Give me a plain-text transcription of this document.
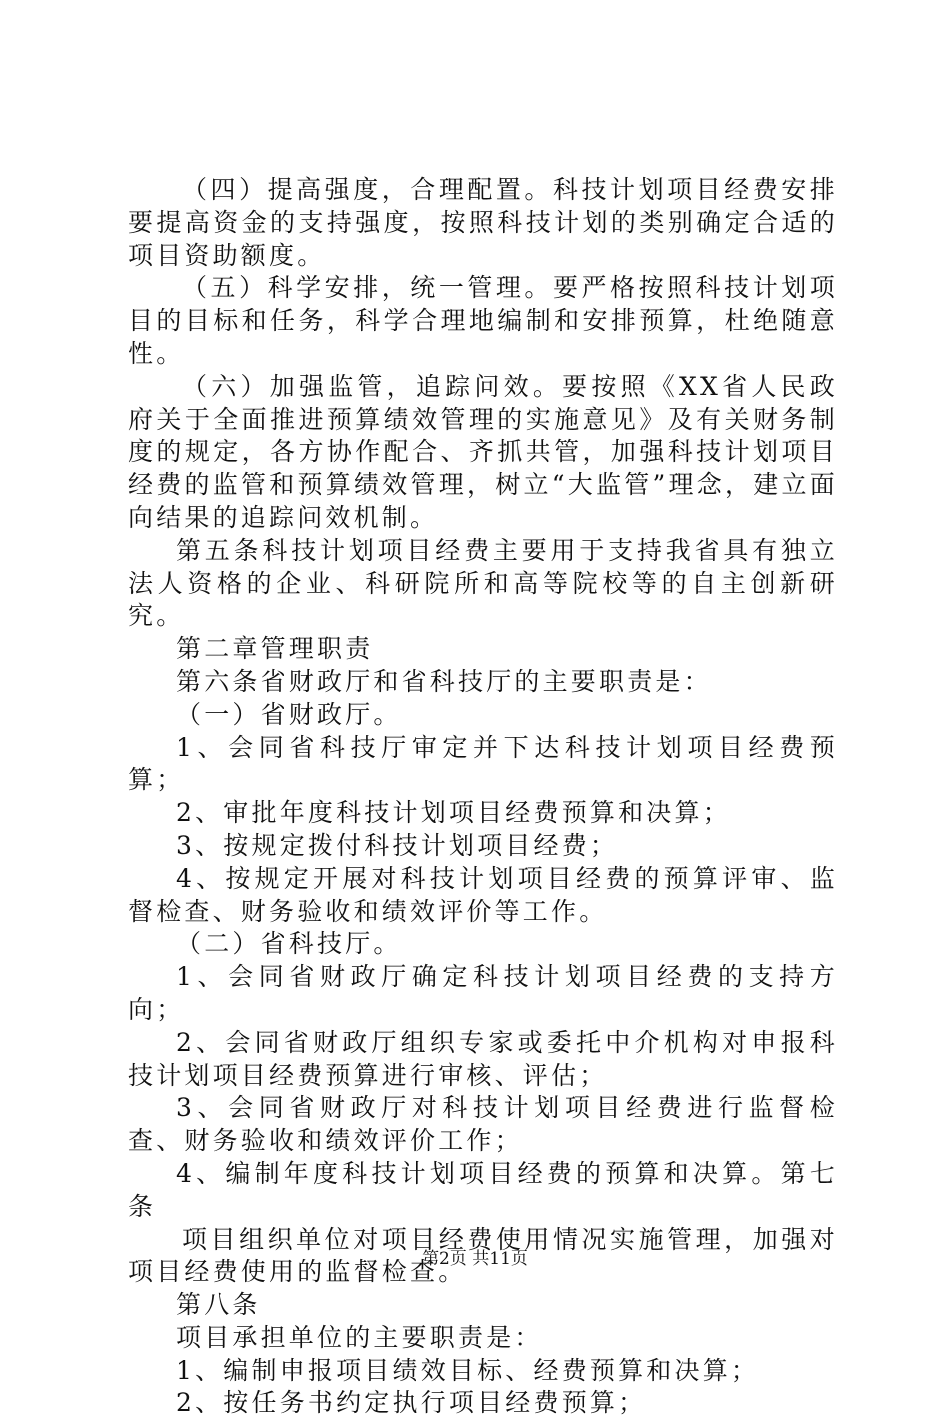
（四）提高强度，合理配置。科技计划项目经费安排要提高资金的支持强度，按照科技计划的类别确定合适的项目资助额度。

（五）科学安排，统一管理。要严格按照科技计划项目的目标和任务，科学合理地编制和安排预算，杜绝随意性。

（六）加强监管，追踪问效。要按照《XX省人民政府关于全面推进预算绩效管理的实施意见》及有关财务制度的规定，各方协作配合、齐抓共管，加强科技计划项目经费的监管和预算绩效管理，树立“大监管”理念，建立面向结果的追踪问效机制。

第五条科技计划项目经费主要用于支持我省具有独立法人资格的企业、科研院所和高等院校等的自主创新研究。

第二章管理职责

第六条省财政厅和省科技厅的主要职责是：

（一）省财政厅。

1、会同省科技厅审定并下达科技计划项目经费预算；

2、审批年度科技计划项目经费预算和决算；

3、按规定拨付科技计划项目经费；

4、按规定开展对科技计划项目经费的预算评审、监督检查、财务验收和绩效评价等工作。

（二）省科技厅。

1、会同省财政厅确定科技计划项目经费的支持方向；

2、会同省财政厅组织专家或委托中介机构对申报科技计划项目经费预算进行审核、评估；

3、会同省财政厅对科技计划项目经费进行监督检查、财务验收和绩效评价工作；

4、编制年度科技计划项目经费的预算和决算。第七条

项目组织单位对项目经费使用情况实施管理，加强对项目经费使用的监督检查。

第八条

项目承担单位的主要职责是：

1、编制申报项目绩效目标、经费预算和决算；

2、按任务书约定执行项目经费预算；

第2页 共11页
